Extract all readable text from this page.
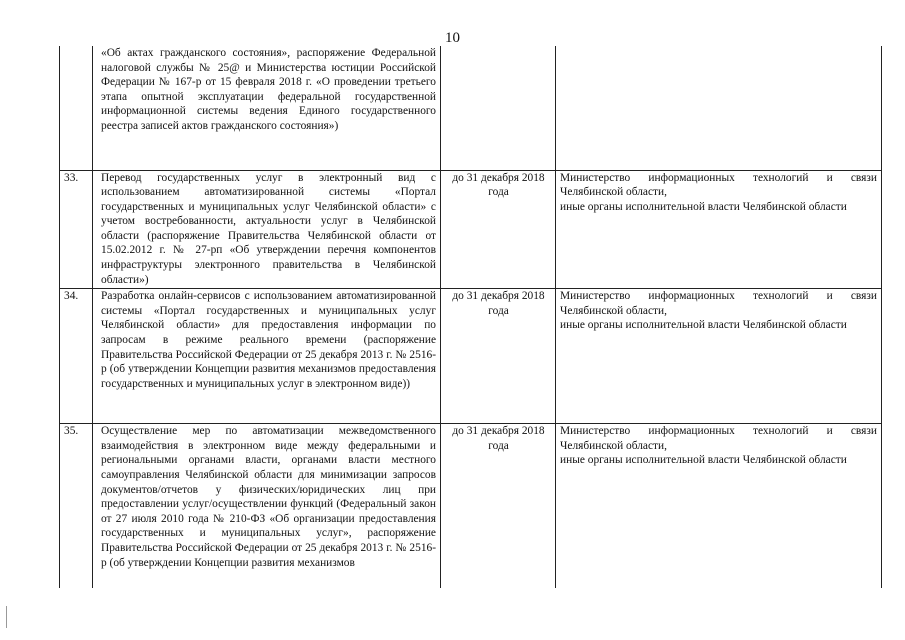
10
	«Об актах гражданского состояния», распоряжение Федеральной налоговой службы № 25@ и Министерства юстиции Российской Федерации № 167-р от 15 февраля 2018 г. «О проведении третьего этапа опытной эксплуатации федеральной государственной информационной системы ведения Единого государственного реестра записей актов гражданского состояния»)		
33.	Перевод государственных услуг в электронный вид с использованием автоматизированной системы «Портал государственных и муниципальных услуг Челябинской области» с учетом востребованности, актуальности услуг в Челябинской области (распоряжение Правительства Челябинской области от 15.02.2012 г. № 27-рп «Об утверждении перечня компонентов инфраструктуры электронного правительства в Челябинской области»)	до 31 декабря 2018 года	Министерство информационных технологий и связи Челябинской области,
иные органы исполнительной власти Челябинской области
34.	Разработка онлайн-сервисов с использованием автоматизированной системы «Портал государственных и муниципальных услуг Челябинской области» для предоставления информации по запросам в режиме реального времени (распоряжение Правительства Российской Федерации от 25 декабря 2013 г. № 2516-р (об утверждении Концепции развития механизмов предоставления государственных и муниципальных услуг в электронном виде))	до 31 декабря 2018 года	Министерство информационных технологий и связи Челябинской области,
иные органы исполнительной власти Челябинской области
35.	Осуществление мер по автоматизации межведомственного взаимодействия в электронном виде между федеральными и региональными органами власти, органами власти местного самоуправления Челябинской области для минимизации запросов документов/отчетов у физических/юридических лиц при предоставлении услуг/осуществлении функций (Федеральный закон от 27 июля 2010 года № 210-ФЗ «Об организации предоставления государственных и муниципальных услуг», распоряжение Правительства Российской Федерации от 25 декабря 2013 г. № 2516-р (об утверждении Концепции развития механизмов	до 31 декабря 2018 года	Министерство информационных технологий и связи Челябинской области,
иные органы исполнительной власти Челябинской области
